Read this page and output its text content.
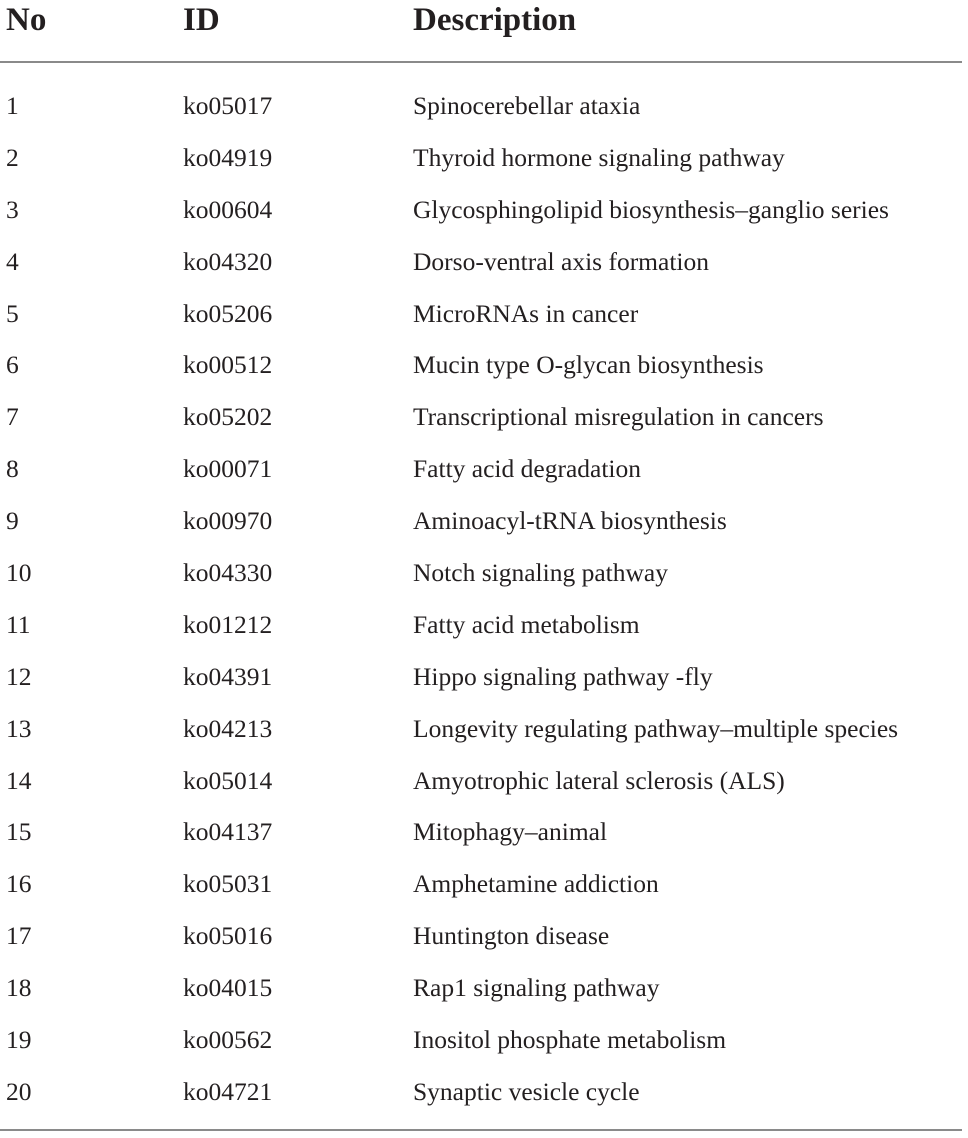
No	ID	Description
1	ko05017	Spinocerebellar ataxia
2	ko04919	Thyroid hormone signaling pathway
3	ko00604	Glycosphingolipid biosynthesis–ganglio series
4	ko04320	Dorso-ventral axis formation
5	ko05206	MicroRNAs in cancer
6	ko00512	Mucin type O-glycan biosynthesis
7	ko05202	Transcriptional misregulation in cancers
8	ko00071	Fatty acid degradation
9	ko00970	Aminoacyl-tRNA biosynthesis
10	ko04330	Notch signaling pathway
11	ko01212	Fatty acid metabolism
12	ko04391	Hippo signaling pathway -fly
13	ko04213	Longevity regulating pathway–multiple species
14	ko05014	Amyotrophic lateral sclerosis (ALS)
15	ko04137	Mitophagy–animal
16	ko05031	Amphetamine addiction
17	ko05016	Huntington disease
18	ko04015	Rap1 signaling pathway
19	ko00562	Inositol phosphate metabolism
20	ko04721	Synaptic vesicle cycle
